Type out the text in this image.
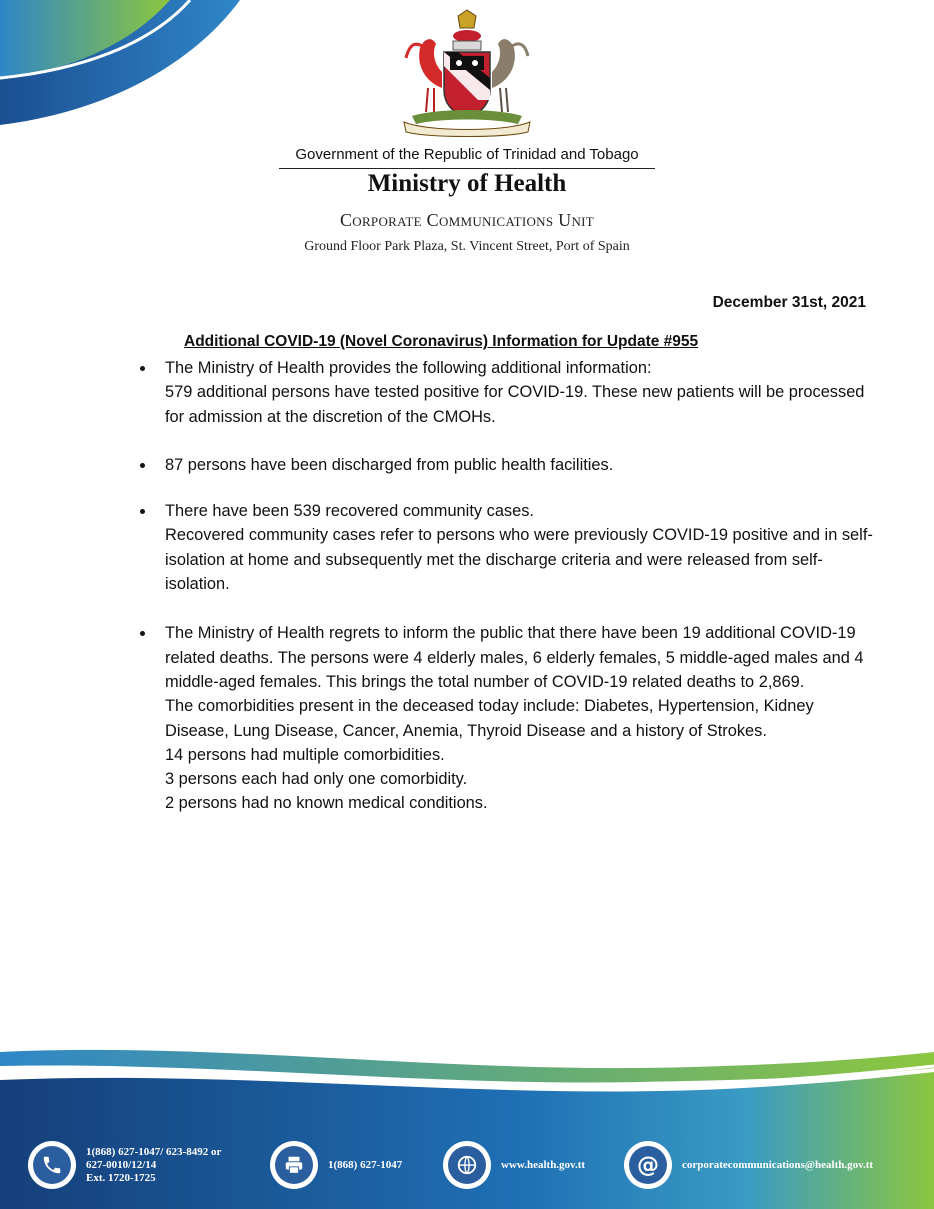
Government of the Republic of Trinidad and Tobago
Ministry of Health
Corporate Communications Unit
Ground Floor Park Plaza, St. Vincent Street, Port of Spain
December 31st, 2021
Additional COVID-19 (Novel Coronavirus) Information for Update #955

The Ministry of Health provides the following additional information:

579 additional persons have tested positive for COVID-19. These new patients will be processed for admission at the discretion of the CMOHs.

87 persons have been discharged from public health facilities.

There have been 539 recovered community cases.

Recovered community cases refer to persons who were previously COVID-19 positive and in self-isolation at home and subsequently met the discharge criteria and were released from self-isolation.

The Ministry of Health regrets to inform the public that there have been 19 additional COVID-19 related deaths. The persons were 4 elderly males, 6 elderly females, 5 middle-aged males and 4 middle-aged females. This brings the total number of COVID-19 related deaths to 2,869.

The comorbidities present in the deceased today include: Diabetes, Hypertension, Kidney Disease, Lung Disease, Cancer, Anemia, Thyroid Disease and a history of Strokes.

14 persons had multiple comorbidities.

3 persons each had only one comorbidity.

2 persons had no known medical conditions.

1(868) 627-1047/ 623-8492 or
627-0010/12/14
Ext. 1720-1725
1(868) 627-1047	www.health.gov.tt @ corporatecommunications@health.gov.tt
